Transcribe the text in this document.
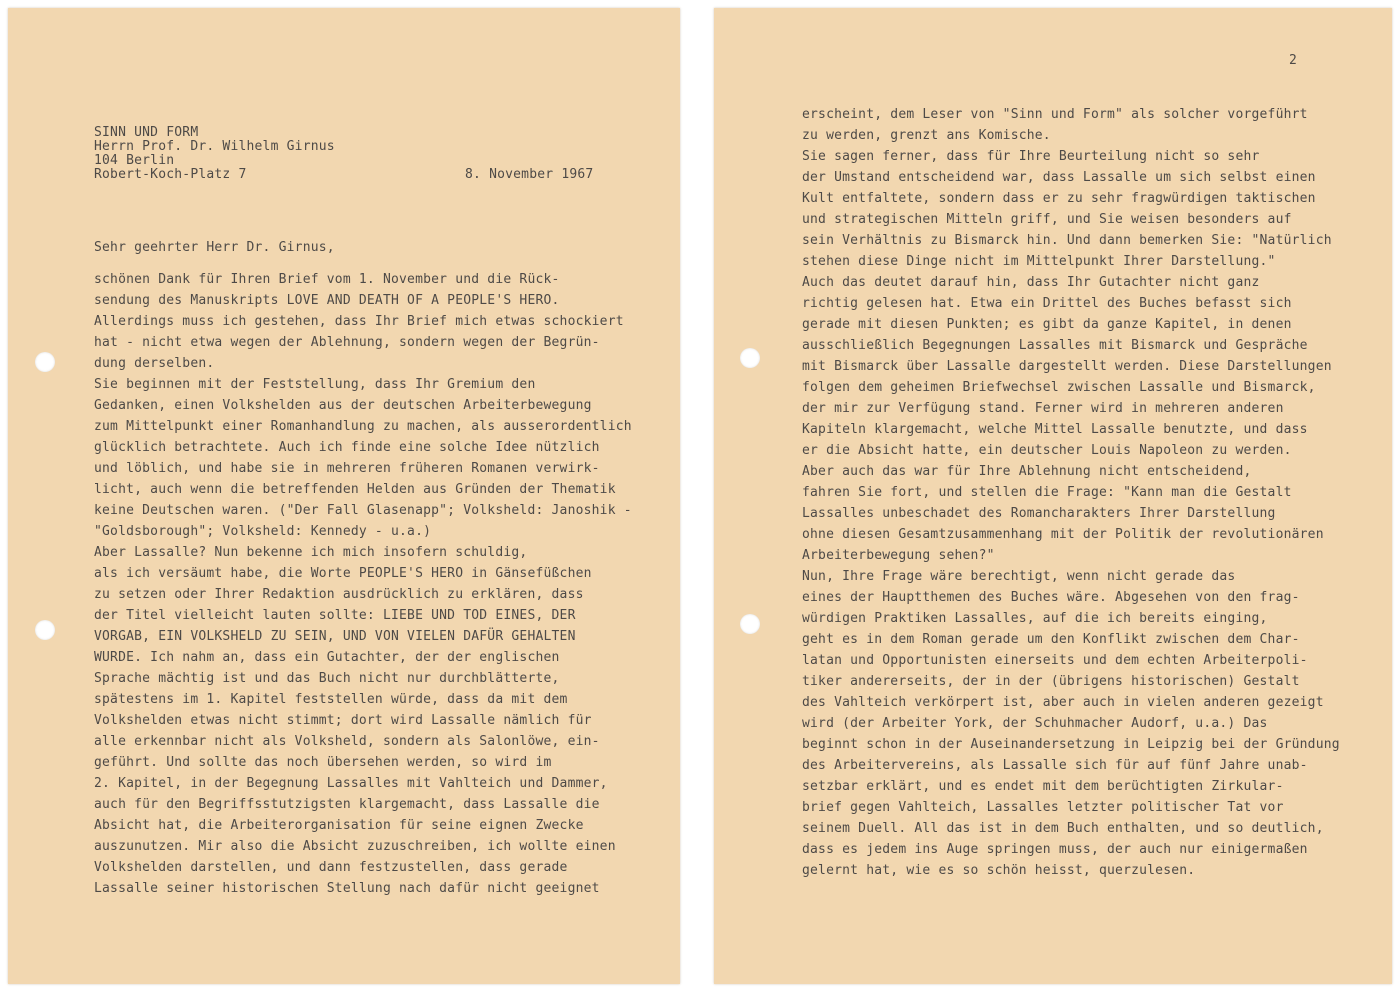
SINN UND FORM
Herrn Prof. Dr. Wilhelm Girnus
104 Berlin
Robert-Koch-Platz 7	8. November 1967
Sehr geehrter Herr Dr. Girnus,
schönen Dank für Ihren Brief vom 1. November und die Rück-
sendung des Manuskripts LOVE AND DEATH OF A PEOPLE'S HERO.
Allerdings muss ich gestehen, dass Ihr Brief mich etwas schockiert
hat - nicht etwa wegen der Ablehnung, sondern wegen der Begrün-
dung derselben.
Sie beginnen mit der Feststellung, dass Ihr Gremium den
Gedanken, einen Volkshelden aus der deutschen Arbeiterbewegung
zum Mittelpunkt einer Romanhandlung zu machen, als ausserordentlich
glücklich betrachtete. Auch ich finde eine solche Idee nützlich
und löblich, und habe sie in mehreren früheren Romanen verwirk-
licht, auch wenn die betreffenden Helden aus Gründen der Thematik
keine Deutschen waren. ("Der Fall Glasenapp"; Volksheld: Janoshik -
"Goldsborough"; Volksheld: Kennedy - u.a.)
Aber Lassalle? Nun bekenne ich mich insofern schuldig,
als ich versäumt habe, die Worte PEOPLE'S HERO in Gänsefüßchen
zu setzen oder Ihrer Redaktion ausdrücklich zu erklären, dass
der Titel vielleicht lauten sollte: LIEBE UND TOD EINES, DER
VORGAB, EIN VOLKSHELD ZU SEIN, UND VON VIELEN DAFÜR GEHALTEN
WURDE. Ich nahm an, dass ein Gutachter, der der englischen
Sprache mächtig ist und das Buch nicht nur durchblätterte,
spätestens im 1. Kapitel feststellen würde, dass da mit dem
Volkshelden etwas nicht stimmt; dort wird Lassalle nämlich für
alle erkennbar nicht als Volksheld, sondern als Salonlöwe, ein-
geführt. Und sollte das noch übersehen werden, so wird im
2. Kapitel, in der Begegnung Lassalles mit Vahlteich und Dammer,
auch für den Begriffsstutzigsten klargemacht, dass Lassalle die
Absicht hat, die Arbeiterorganisation für seine eignen Zwecke
auszunutzen. Mir also die Absicht zuzuschreiben, ich wollte einen
Volkshelden darstellen, und dann festzustellen, dass gerade
Lassalle seiner historischen Stellung nach dafür nicht geeignet
2
erscheint, dem Leser von "Sinn und Form" als solcher vorgeführt
zu werden, grenzt ans Komische.
Sie sagen ferner, dass für Ihre Beurteilung nicht so sehr
der Umstand entscheidend war, dass Lassalle um sich selbst einen
Kult entfaltete, sondern dass er zu sehr fragwürdigen taktischen
und strategischen Mitteln griff, und Sie weisen besonders auf
sein Verhältnis zu Bismarck hin. Und dann bemerken Sie: "Natürlich
stehen diese Dinge nicht im Mittelpunkt Ihrer Darstellung."
Auch das deutet darauf hin, dass Ihr Gutachter nicht ganz
richtig gelesen hat. Etwa ein Drittel des Buches befasst sich
gerade mit diesen Punkten; es gibt da ganze Kapitel, in denen
ausschließlich Begegnungen Lassalles mit Bismarck und Gespräche
mit Bismarck über Lassalle dargestellt werden. Diese Darstellungen
folgen dem geheimen Briefwechsel zwischen Lassalle und Bismarck,
der mir zur Verfügung stand. Ferner wird in mehreren anderen
Kapiteln klargemacht, welche Mittel Lassalle benutzte, und dass
er die Absicht hatte, ein deutscher Louis Napoleon zu werden.
Aber auch das war für Ihre Ablehnung nicht entscheidend,
fahren Sie fort, und stellen die Frage: "Kann man die Gestalt
Lassalles unbeschadet des Romancharakters Ihrer Darstellung
ohne diesen Gesamtzusammenhang mit der Politik der revolutionären
Arbeiterbewegung sehen?"
Nun, Ihre Frage wäre berechtigt, wenn nicht gerade das
eines der Hauptthemen des Buches wäre. Abgesehen von den frag-
würdigen Praktiken Lassalles, auf die ich bereits einging,
geht es in dem Roman gerade um den Konflikt zwischen dem Char-
latan und Opportunisten einerseits und dem echten Arbeiterpoli-
tiker andererseits, der in der (übrigens historischen) Gestalt
des Vahlteich verkörpert ist, aber auch in vielen anderen gezeigt
wird (der Arbeiter York, der Schuhmacher Audorf, u.a.) Das
beginnt schon in der Auseinandersetzung in Leipzig bei der Gründung
des Arbeitervereins, als Lassalle sich für auf fünf Jahre unab-
setzbar erklärt, und es endet mit dem berüchtigten Zirkular-
brief gegen Vahlteich, Lassalles letzter politischer Tat vor
seinem Duell. All das ist in dem Buch enthalten, und so deutlich,
dass es jedem ins Auge springen muss, der auch nur einigermaßen
gelernt hat, wie es so schön heisst, querzulesen.
